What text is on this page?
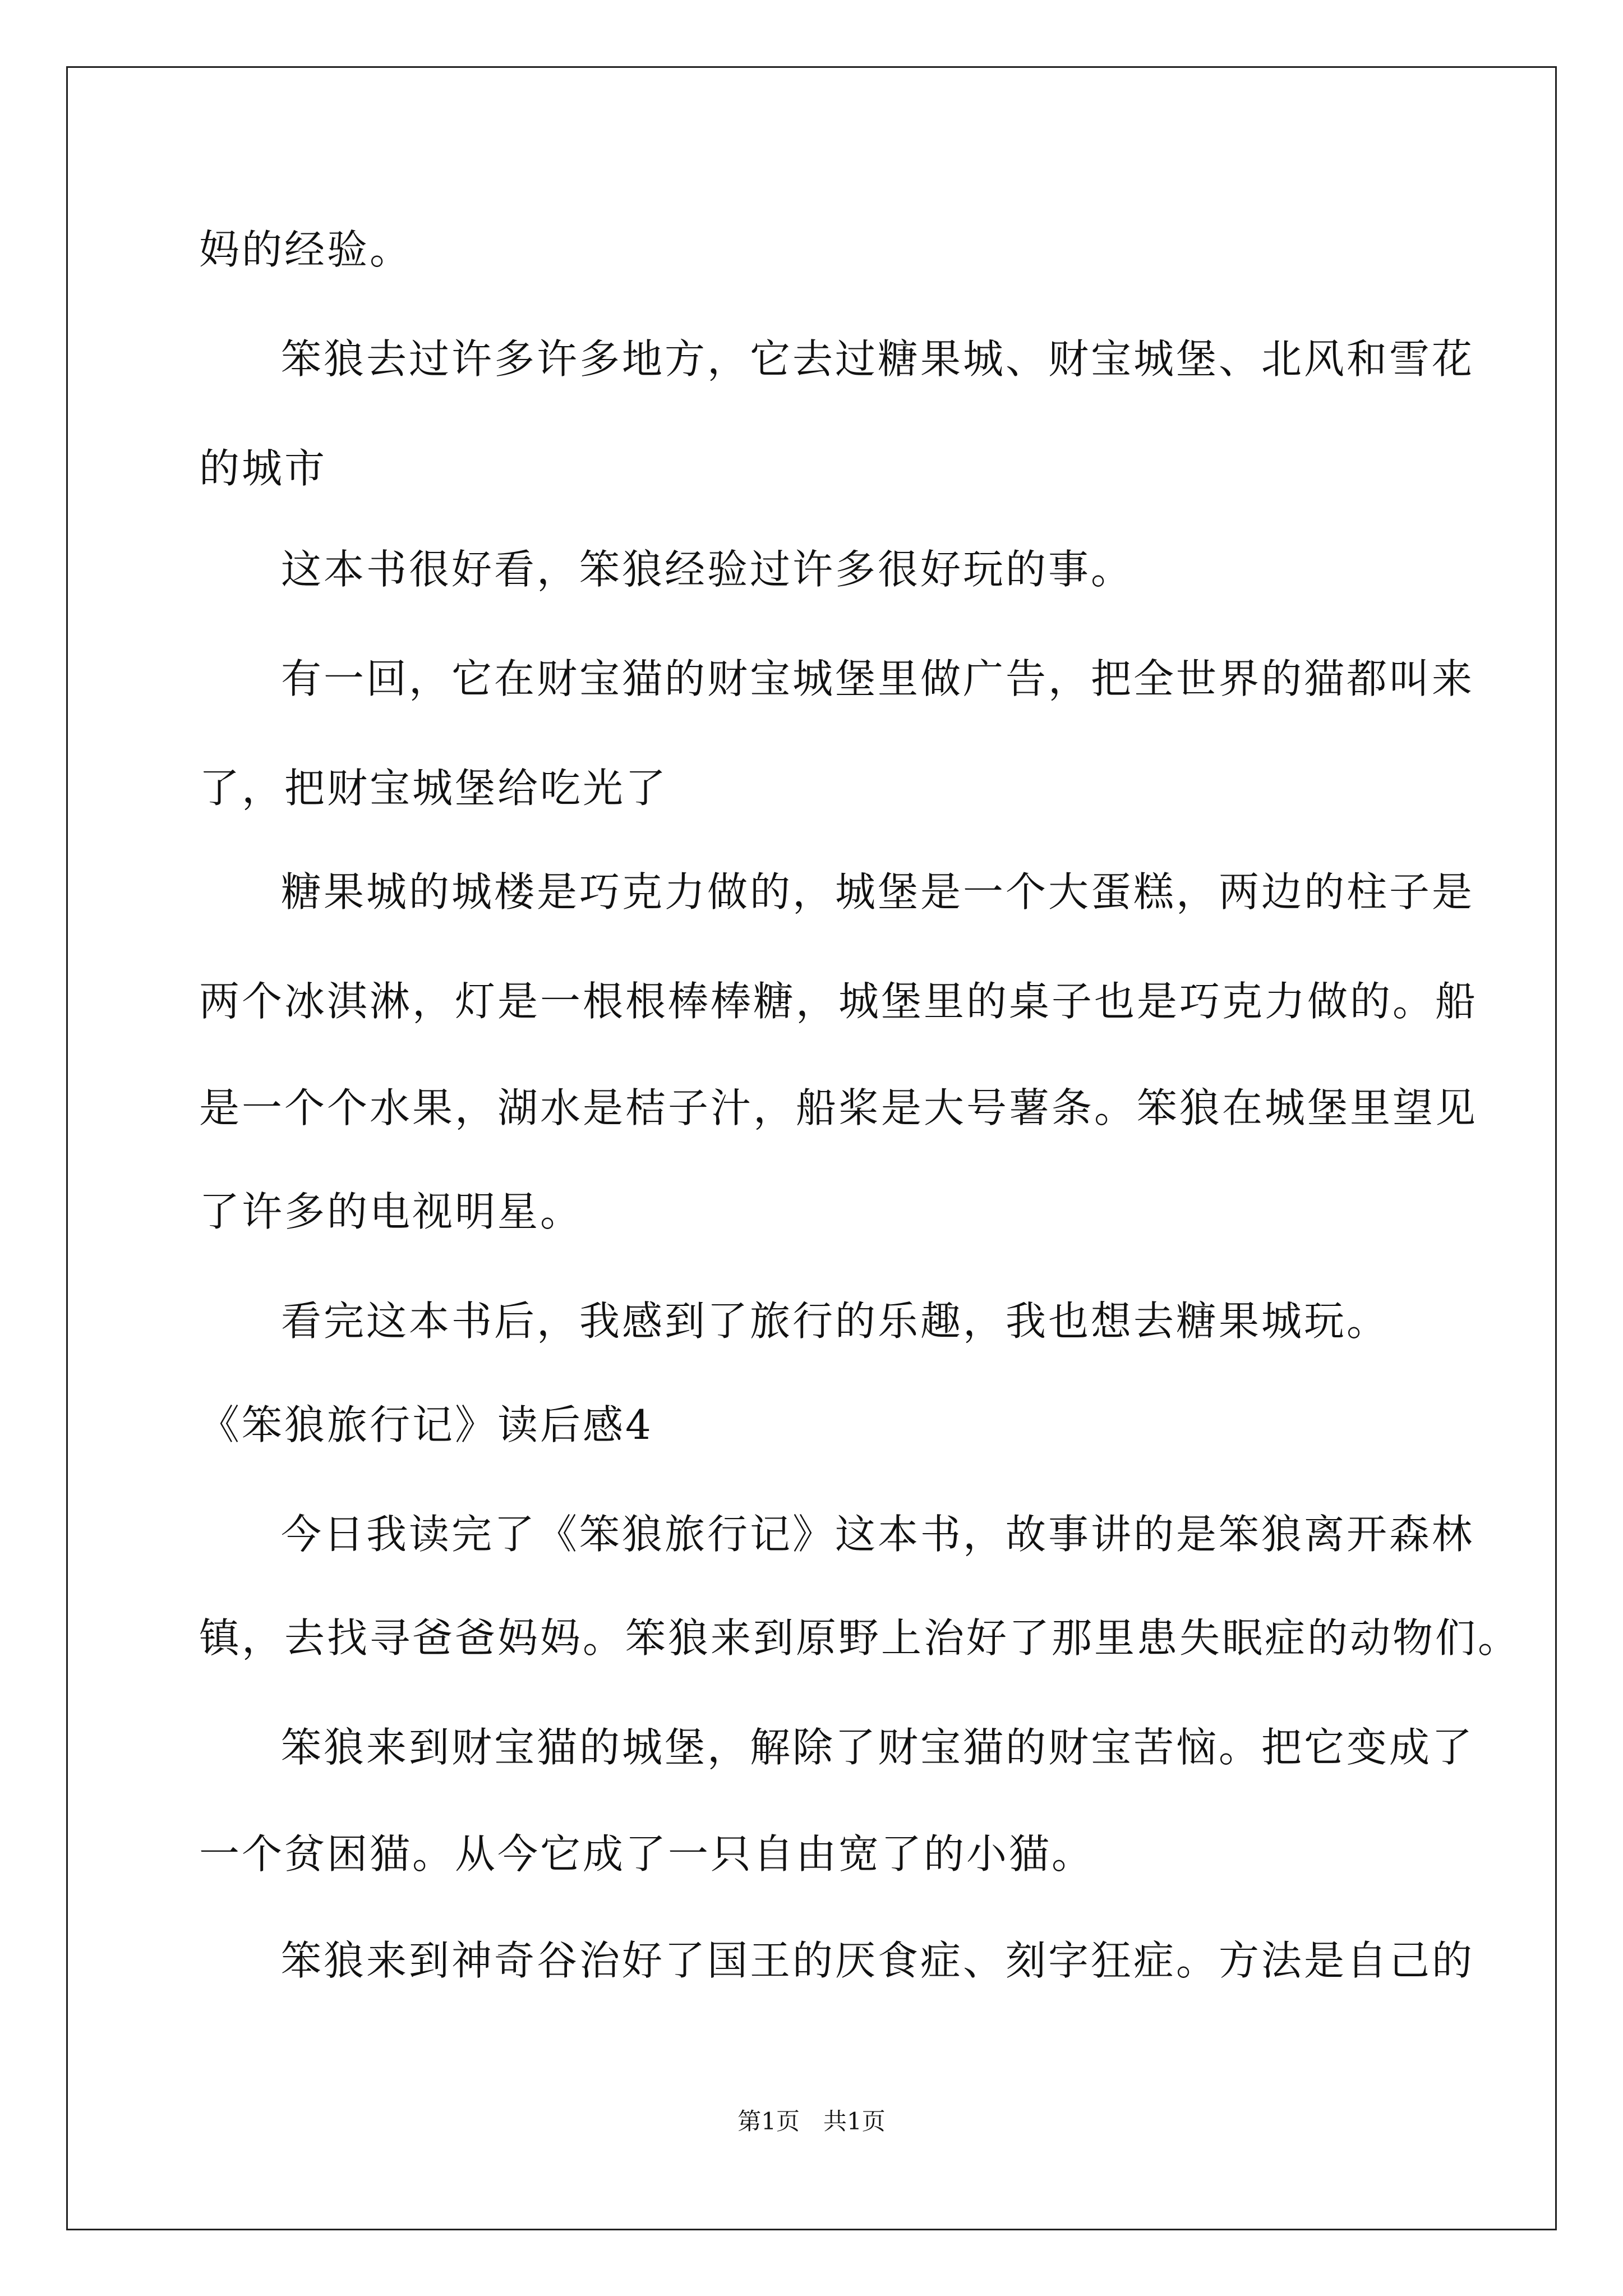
妈的经验。
笨狼去过许多许多地方，它去过糖果城、财宝城堡、北风和雪花
的城市
这本书很好看，笨狼经验过许多很好玩的事。
有一回，它在财宝猫的财宝城堡里做广告，把全世界的猫都叫来
了，把财宝城堡给吃光了
糖果城的城楼是巧克力做的，城堡是一个大蛋糕，两边的柱子是
两个冰淇淋，灯是一根根棒棒糖，城堡里的桌子也是巧克力做的。船
是一个个水果，湖水是桔子汁，船桨是大号薯条。笨狼在城堡里望见
了许多的电视明星。
看完这本书后，我感到了旅行的乐趣，我也想去糖果城玩。
《笨狼旅行记》读后感4
今日我读完了《笨狼旅行记》这本书，故事讲的是笨狼离开森林
镇，去找寻爸爸妈妈。笨狼来到原野上治好了那里患失眠症的动物们。
笨狼来到财宝猫的城堡，解除了财宝猫的财宝苦恼。把它变成了
一个贫困猫。从今它成了一只自由宽了的小猫。
笨狼来到神奇谷治好了国王的厌食症、刻字狂症。方法是自己的
第1页　共1页
